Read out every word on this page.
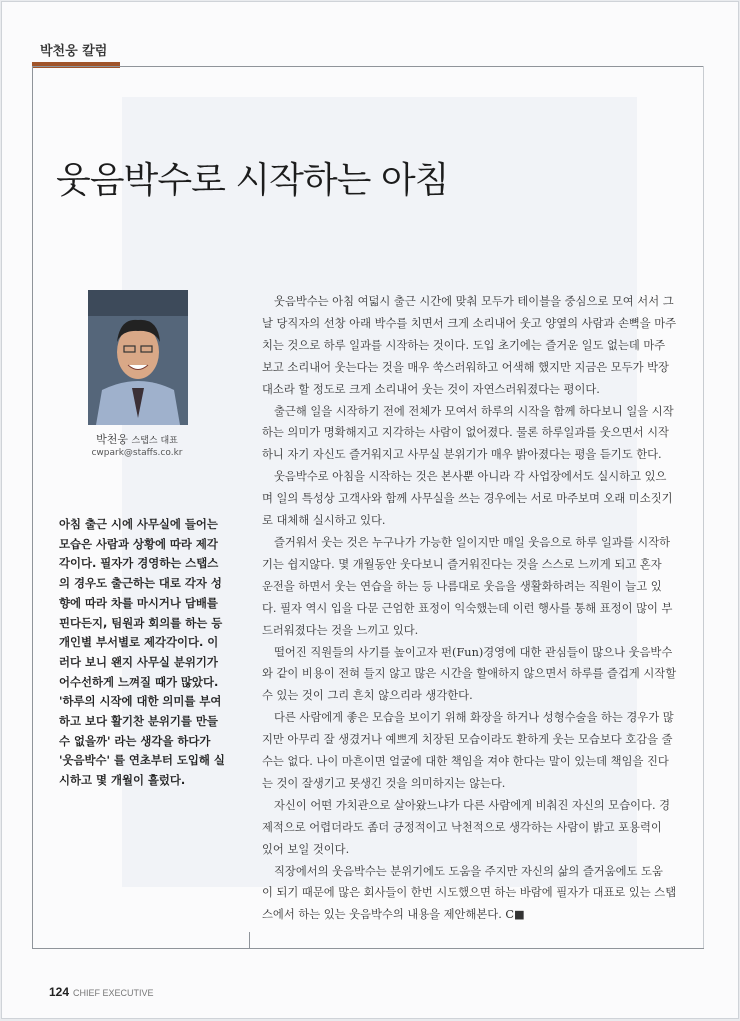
박천웅 칼럼
웃음박수로 시작하는 아침
박천웅 스탭스 대표
cwpark@staffs.co.kr
아침 출근 시에 사무실에 들어는
모습은 사람과 상황에 따라 제각
각이다. 필자가 경영하는 스탭스
의 경우도 출근하는 대로 각자 성
향에 따라 차를 마시거나 담배를
핀다든지, 팀원과 회의를 하는 등
개인별 부서별로 제각각이다. 이
러다 보니 왠지 사무실 분위기가
어수선하게 느껴질 때가 많았다.
'하루의 시작에 대한 의미를 부여
하고 보다 활기찬 분위기를 만들
수 없을까' 라는 생각을 하다가
'웃음박수' 를 연초부터 도입해 실
시하고 몇 개월이 흘렀다.
웃음박수는 아침 여덟시 출근 시간에 맞춰 모두가 테이블을 중심으로 모여 서서 그
날 당직자의 선창 아래 박수를 치면서 크게 소리내어 웃고 양옆의 사람과 손뼉을 마주
치는 것으로 하루 일과를 시작하는 것이다. 도입 초기에는 즐거운 일도 없는데 마주
보고 소리내어 웃는다는 것을 매우 쑥스러워하고 어색해 했지만 지금은 모두가 박장
대소라 할 정도로 크게 소리내어 웃는 것이 자연스러워졌다는 평이다.
출근해 일을 시작하기 전에 전체가 모여서 하루의 시작을 함께 하다보니 일을 시작
하는 의미가 명확해지고 지각하는 사람이 없어졌다. 물론 하루일과를 웃으면서 시작
하니 자기 자신도 즐거워지고 사무실 분위기가 매우 밝아졌다는 평을 듣기도 한다.
웃음박수로 아침을 시작하는 것은 본사뿐 아니라 각 사업장에서도 실시하고 있으
며 일의 특성상 고객사와 함께 사무실을 쓰는 경우에는 서로 마주보며 오래 미소짓기
로 대체해 실시하고 있다.
즐거워서 웃는 것은 누구나가 가능한 일이지만 매일 웃음으로 하루 일과를 시작하
기는 쉽지않다. 몇 개월동안 웃다보니 즐거워진다는 것을 스스로 느끼게 되고 혼자
운전을 하면서 웃는 연습을 하는 등 나름대로 웃음을 생활화하려는 직원이 늘고 있
다. 필자 역시 입을 다문 근엄한 표정이 익숙했는데 이런 행사를 통해 표정이 많이 부
드러워졌다는 것을 느끼고 있다.
떨어진 직원들의 사기를 높이고자 펀(Fun)경영에 대한 관심들이 많으나 웃음박수
와 같이 비용이 전혀 들지 않고 많은 시간을 할애하지 않으면서 하루를 즐겁게 시작할
수 있는 것이 그리 흔치 않으리라 생각한다.
다른 사람에게 좋은 모습을 보이기 위해 화장을 하거나 성형수술을 하는 경우가 많
지만 아무리 잘 생겼거나 예쁘게 치장된 모습이라도 환하게 웃는 모습보다 호감을 줄
수는 없다. 나이 마흔이면 얼굴에 대한 책임을 져야 한다는 말이 있는데 책임을 진다
는 것이 잘생기고 못생긴 것을 의미하지는 않는다.
자신이 어떤 가치관으로 살아왔느냐가 다른 사람에게 비춰진 자신의 모습이다. 경
제적으로 어렵더라도 좀더 긍정적이고 낙천적으로 생각하는 사람이 밝고 포용력이
있어 보일 것이다.
직장에서의 웃음박수는 분위기에도 도움을 주지만 자신의 삶의 즐거움에도 도움
이 되기 때문에 많은 회사들이 한번 시도했으면 하는 바람에 필자가 대표로 있는 스탭
스에서 하는 있는 웃음박수의 내용을 제안해본다. C■
124 CHIEF EXECUTIVE
